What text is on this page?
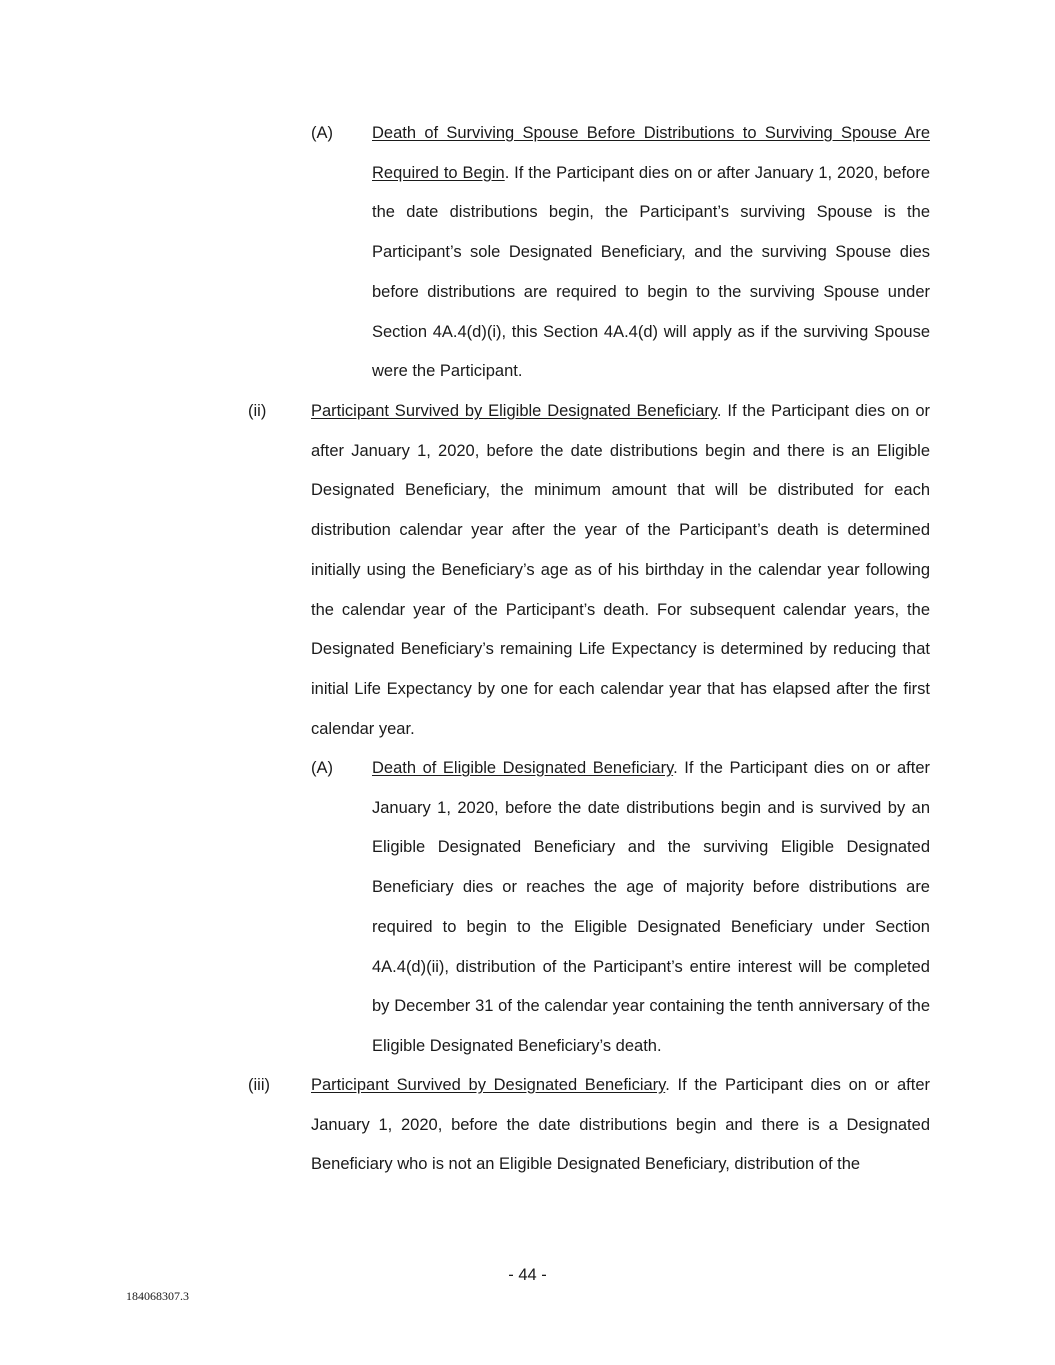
(A) Death of Surviving Spouse Before Distributions to Surviving Spouse Are Required to Begin. If the Participant dies on or after January 1, 2020, before the date distributions begin, the Participant’s surviving Spouse is the Participant’s sole Designated Beneficiary, and the surviving Spouse dies before distributions are required to begin to the surviving Spouse under Section 4A.4(d)(i), this Section 4A.4(d) will apply as if the surviving Spouse were the Participant.
(ii)	Participant Survived by Eligible Designated Beneficiary. If the Participant dies on or after January 1, 2020, before the date distributions begin and there is an Eligible Designated Beneficiary, the minimum amount that will be distributed for each distribution calendar year after the year of the Participant’s death is determined initially using the Beneficiary’s age as of his birthday in the calendar year following the calendar year of the Participant’s death. For subsequent calendar years, the Designated Beneficiary’s remaining Life Expectancy is determined by reducing that initial Life Expectancy by one for each calendar year that has elapsed after the first calendar year.
(A) Death of Eligible Designated Beneficiary. If the Participant dies on or after January 1, 2020, before the date distributions begin and is survived by an Eligible Designated Beneficiary and the surviving Eligible Designated Beneficiary dies or reaches the age of majority before distributions are required to begin to the Eligible Designated Beneficiary under Section 4A.4(d)(ii), distribution of the Participant’s entire interest will be completed by December 31 of the calendar year containing the tenth anniversary of the Eligible Designated Beneficiary’s death.
(iii) Participant Survived by Designated Beneficiary. If the Participant dies on or after January 1, 2020, before the date distributions begin and there is a Designated Beneficiary who is not an Eligible Designated Beneficiary, distribution of the
- 44 -
184068307.3
